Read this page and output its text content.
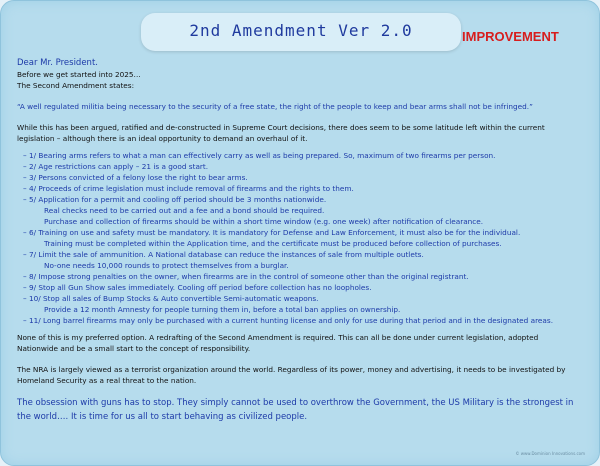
2nd Amendment Ver 2.0	IMPROVEMENT
Dear Mr. President.
Before we get started into 2025…
The Second Amendment states:
“A well regulated militia being necessary to the security of a free state, the right of the people to keep and bear arms shall not be infringed.”
While this has been argued, ratified and de-constructed in Supreme Court decisions, there does seem to be some latitude left within the current
legislation – although there is an ideal opportunity to demand an overhaul of it.
– 1/ Bearing arms refers to what a man can effectively carry as well as being prepared. So, maximum of two firearms per person.
– 2/ Age restrictions can apply – 21 is a good start.
– 3/ Persons convicted of a felony lose the right to bear arms.
– 4/ Proceeds of crime legislation must include removal of firearms and the rights to them.
– 5/ Application for a permit and cooling off period should be 3 months nationwide.
Real checks need to be carried out and a fee and a bond should be required.
Purchase and collection of firearms should be within a short time window (e.g. one week) after notification of clearance.
– 6/ Training on use and safety must be mandatory. It is mandatory for Defense and Law Enforcement, it must also be for the individual.
Training must be completed within the Application time, and the certificate must be produced before collection of purchases.
– 7/ Limit the sale of ammunition. A National database can reduce the instances of sale from multiple outlets.
No-one needs 10,000 rounds to protect themselves from a burglar.
– 8/ Impose strong penalties on the owner, when firearms are in the control of someone other than the original registrant.
– 9/ Stop all Gun Show sales immediately. Cooling off period before collection has no loopholes.
– 10/ Stop all sales of Bump Stocks & Auto convertible Semi-automatic weapons.
Provide a 12 month Amnesty for people turning them in, before a total ban applies on ownership.
– 11/ Long barrel firearms may only be purchased with a current hunting license and only for use during that period and in the designated areas.
None of this is my preferred option. A redrafting of the Second Amendment is required. This can all be done under current legislation, adopted
Nationwide and be a small start to the concept of responsibility.
The NRA is largely viewed as a terrorist organization around the world. Regardless of its power, money and advertising, it needs to be investigated by
Homeland Security as a real threat to the nation.
The obsession with guns has to stop. They simply cannot be used to overthrow the Government, the US Military is the strongest in the world…. It is time for us all to start behaving as civilized people.
© www.Dominion Innovations.com
